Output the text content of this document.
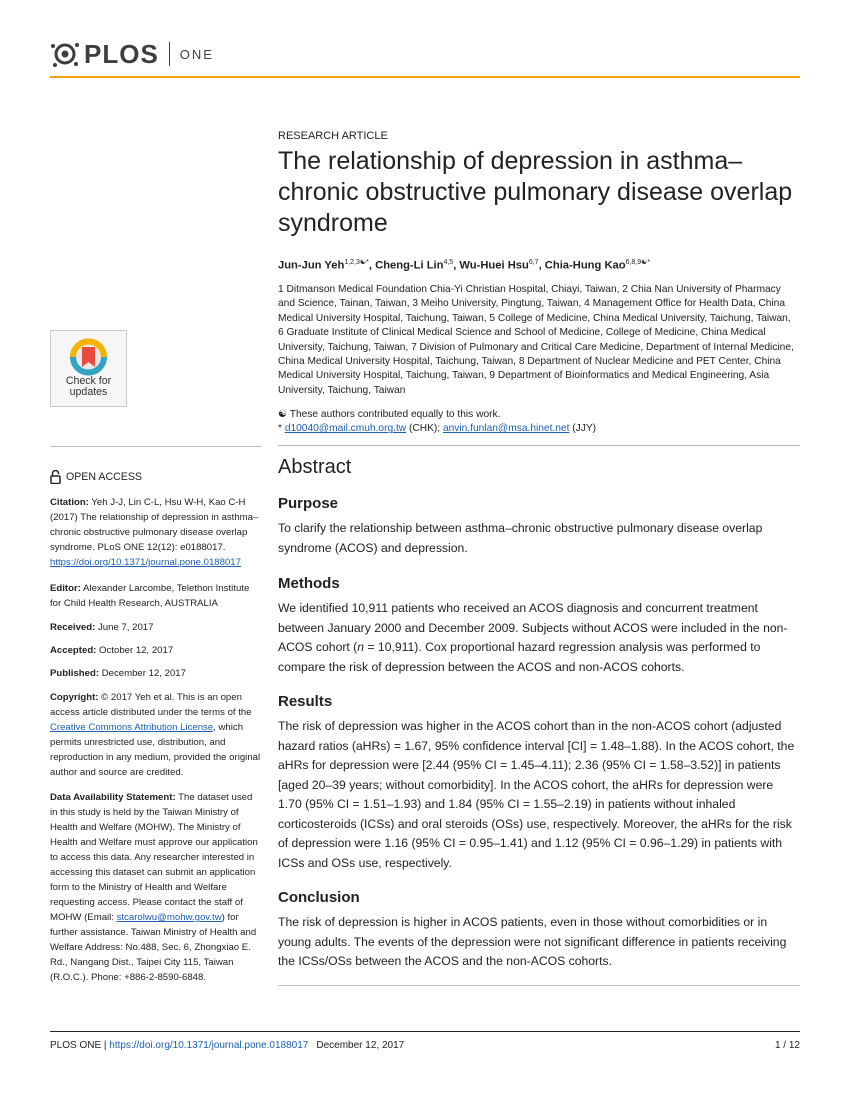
PLOS ONE
Check for
updates
OPEN ACCESS
Citation: Yeh J-J, Lin C-L, Hsu W-H, Kao C-H (2017) The relationship of depression in asthma–chronic obstructive pulmonary disease overlap syndrome. PLoS ONE 12(12): e0188017. https://doi.org/10.1371/journal.pone.0188017
Editor: Alexander Larcombe, Telethon Institute for Child Health Research, AUSTRALIA
Received: June 7, 2017
Accepted: October 12, 2017
Published: December 12, 2017
Copyright: © 2017 Yeh et al. This is an open access article distributed under the terms of the Creative Commons Attribution License, which permits unrestricted use, distribution, and reproduction in any medium, provided the original author and source are credited.
Data Availability Statement: The dataset used in this study is held by the Taiwan Ministry of Health and Welfare (MOHW). The Ministry of Health and Welfare must approve our application to access this data. Any researcher interested in accessing this dataset can submit an application form to the Ministry of Health and Welfare requesting access. Please contact the staff of MOHW (Email: stcarolwu@mohw.gov.tw) for further assistance. Taiwan Ministry of Health and Welfare Address: No.488, Sec. 6, Zhongxiao E. Rd., Nangang Dist., Taipei City 115, Taiwan (R.O.C.). Phone: +886-2-8590-6848.
RESEARCH ARTICLE
The relationship of depression in asthma–chronic obstructive pulmonary disease overlap syndrome
Jun-Jun Yeh$^{1,2,3☯*}$, Cheng-Li Lin$^{4,5}$, Wu-Huei Hsu$^{6,7}$, Chia-Hung Kao$^{6,8,9☯*}$
1 Ditmanson Medical Foundation Chia-Yi Christian Hospital, Chiayi, Taiwan, 2 Chia Nan University of Pharmacy and Science, Tainan, Taiwan, 3 Meiho University, Pingtung, Taiwan, 4 Management Office for Health Data, China Medical University Hospital, Taichung, Taiwan, 5 College of Medicine, China Medical University, Taichung, Taiwan, 6 Graduate Institute of Clinical Medical Science and School of Medicine, College of Medicine, China Medical University, Taichung, Taiwan, 7 Division of Pulmonary and Critical Care Medicine, Department of Internal Medicine, China Medical University Hospital, Taichung, Taiwan, 8 Department of Nuclear Medicine and PET Center, China Medical University Hospital, Taichung, Taiwan, 9 Department of Bioinformatics and Medical Engineering, Asia University, Taichung, Taiwan
☯ These authors contributed equally to this work.
* d10040@mail.cmuh.org.tw (CHK); anvin.funlan@msa.hinet.net (JJY)
Abstract
Purpose
To clarify the relationship between asthma–chronic obstructive pulmonary disease overlap syndrome (ACOS) and depression.
Methods
We identified 10,911 patients who received an ACOS diagnosis and concurrent treatment between January 2000 and December 2009. Subjects without ACOS were included in the non-ACOS cohort (n = 10,911). Cox proportional hazard regression analysis was performed to compare the risk of depression between the ACOS and non-ACOS cohorts.
Results
The risk of depression was higher in the ACOS cohort than in the non-ACOS cohort (adjusted hazard ratios (aHRs) = 1.67, 95% confidence interval [CI] = 1.48–1.88). In the ACOS cohort, the aHRs for depression were [2.44 (95% CI = 1.45–4.11); 2.36 (95% CI = 1.58–3.52)] in patients [aged 20–39 years; without comorbidity]. In the ACOS cohort, the aHRs for depression were 1.70 (95% CI = 1.51–1.93) and 1.84 (95% CI = 1.55–2.19) in patients without inhaled corticosteroids (ICSs) and oral steroids (OSs) use, respectively. Moreover, the aHRs for the risk of depression were 1.16 (95% CI = 0.95–1.41) and 1.12 (95% CI = 0.96–1.29) in patients with ICSs and OSs use, respectively.
Conclusion
The risk of depression is higher in ACOS patients, even in those without comorbidities or in young adults. The events of the depression were not significant difference in patients receiving the ICSs/OSs between the ACOS and the non-ACOS cohorts.
PLOS ONE | https://doi.org/10.1371/journal.pone.0188017 December 12, 2017	1 / 12
